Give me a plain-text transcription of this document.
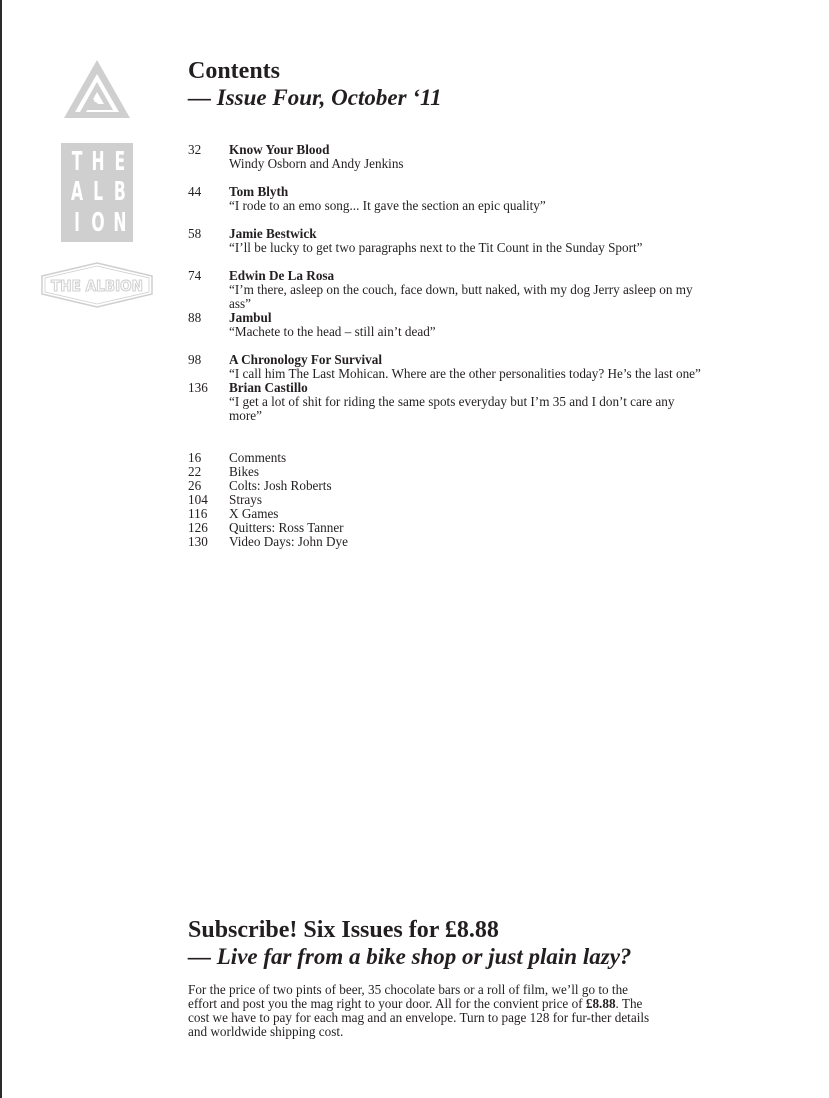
T H E
A L B
I O N
THE ALBION
Contents
— Issue Four, October ‘11
32	Know Your Blood
Windy Osborn and Andy Jenkins
44	Tom Blyth
“I rode to an emo song... It gave the section an epic quality”
58	Jamie Bestwick
“I’ll be lucky to get two paragraphs next to the Tit Count in the Sunday Sport”
74	Edwin De La Rosa
“I’m there, asleep on the couch, face down, butt naked, with my dog Jerry asleep on my ass”
88	Jambul
“Machete to the head – still ain’t dead”
98	A Chronology For Survival
“I call him The Last Mohican. Where are the other personalities today? He’s the last one”
136	Brian Castillo
“I get a lot of shit for riding the same spots everyday but I’m 35 and I don’t care any more”
16	Comments
22	Bikes
26	Colts: Josh Roberts
104	Strays
116	X Games
126	Quitters: Ross Tanner
130	Video Days: John Dye
Subscribe! Six Issues for £8.88
— Live far from a bike shop or just plain lazy?

For the price of two pints of beer, 35 chocolate bars or a roll of film, we’ll go to the effort and post you the mag right to your door. All for the convient price of £8.88. The cost we have to pay for each mag and an envelope. Turn to page 128 for fur-ther details and worldwide shipping cost.
